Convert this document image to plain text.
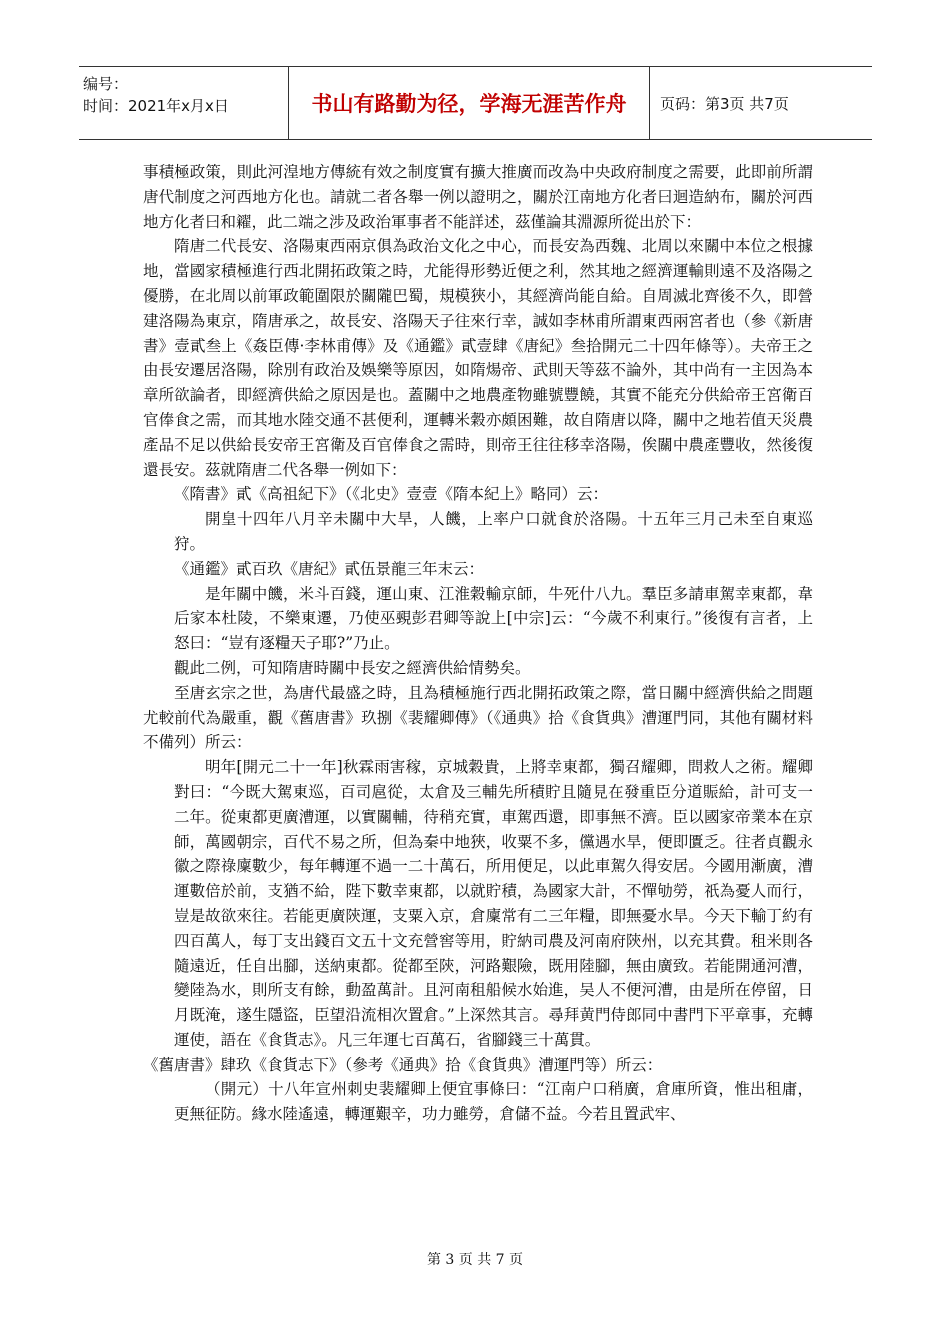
编号：
时间：2021年x月x日	书山有路勤为径，学海无涯苦作舟	页码：第3页 共7页

事積極政策，則此河湟地方傳統有效之制度實有擴大推廣而改為中央政府制度之需要，此即前所謂唐代制度之河西地方化也。請就二者各舉一例以證明之，關於江南地方化者曰迴造納布，關於河西地方化者曰和糴，此二端之涉及政治軍事者不能詳述，茲僅論其淵源所從出於下：

隋唐二代長安、洛陽東西兩京俱為政治文化之中心，而長安為西魏、北周以來關中本位之根據地，當國家積極進行西北開拓政策之時，尤能得形勢近便之利，然其地之經濟運輸則遠不及洛陽之優勝，在北周以前軍政範圍限於關隴巴蜀，規模狹小，其經濟尚能自給。自周滅北齊後不久，即營建洛陽為東京，隋唐承之，故長安、洛陽天子往來行幸，誠如李林甫所謂東西兩宮者也（參《新唐書》壹貳叁上《姦臣傳·李林甫傳》及《通鑑》貳壹肆《唐紀》叁拾開元二十四年條等）。夫帝王之由長安遷居洛陽，除別有政治及娛樂等原因，如隋煬帝、武則天等茲不論外，其中尚有一主因為本章所欲論者，即經濟供給之原因是也。蓋關中之地農產物雖號豐饒，其實不能充分供給帝王宮衛百官俸食之需，而其地水陸交通不甚便利，運轉米穀亦頗困難，故自隋唐以降，關中之地若值天災農產品不足以供給長安帝王宮衛及百官俸食之需時，則帝王往往移幸洛陽，俟關中農產豐收，然後復還長安。茲就隋唐二代各舉一例如下：

《隋書》貳《高祖紀下》（《北史》壹壹《隋本紀上》略同）云：

開皇十四年八月辛未關中大旱，人饑，上率户口就食於洛陽。十五年三月己未至自東巡狩。

《通鑑》貳百玖《唐紀》貳伍景龍三年末云：

是年關中饑，米斗百錢，運山東、江淮穀輸京師，牛死什八九。羣臣多請車駕幸東都，韋后家本杜陵，不樂東遷，乃使巫覡彭君卿等說上[中宗]云：“今歲不利東行。”後復有言者，上怒曰：“豈有逐糧天子耶?”乃止。

觀此二例，可知隋唐時關中長安之經濟供給情勢矣。

至唐玄宗之世，為唐代最盛之時，且為積極施行西北開拓政策之際，當日關中經濟供給之問題尤較前代為嚴重，觀《舊唐書》玖捌《裴耀卿傳》（《通典》拾《食貨典》漕運門同，其他有關材料不備列）所云：

明年[開元二十一年]秋霖雨害稼，京城穀貴，上將幸東都，獨召耀卿，問救人之術。耀卿對曰：“今既大駕東巡，百司扈從，太倉及三輔先所積貯且隨見在發重臣分道賑給，計可支一二年。從東都更廣漕運，以實關輔，待稍充實，車駕西還，即事無不濟。臣以國家帝業本在京師，萬國朝宗，百代不易之所，但為秦中地狹，收粟不多，儻遇水旱，便即匱乏。往者貞觀永徽之際祿廩數少，每年轉運不過一二十萬石，所用便足，以此車駕久得安居。今國用漸廣，漕運數倍於前，支猶不給，陛下數幸東都，以就貯積，為國家大計，不憚劬勞，祇為憂人而行，豈是故欲來往。若能更廣陝運，支粟入京，倉廩常有二三年糧，即無憂水旱。今天下輸丁約有四百萬人，每丁支出錢百文五十文充營窖等用，貯納司農及河南府陝州，以充其費。租米則各隨遠近，任自出腳，送納東都。從都至陝，河路艱險，既用陸腳，無由廣致。若能開通河漕，變陸為水，則所支有餘，動盈萬計。且河南租船候水始進，吴人不便河漕，由是所在停留，日月既淹，遂生隱盜，臣望沿流相次置倉。”上深然其言。尋拜黄門侍郎同中書門下平章事，充轉運使，語在《食貨志》。凡三年運七百萬石，省腳錢三十萬貫。

《舊唐書》肆玖《食貨志下》（參考《通典》拾《食貨典》漕運門等）所云：

（開元）十八年宣州刺史裴耀卿上便宜事條曰：“江南户口稍廣，倉庫所資，惟出租庸，更無征防。緣水陸遙遠，轉運艱辛，功力雖勞，倉儲不益。今若且置武牢、

第 3 页 共 7 页
